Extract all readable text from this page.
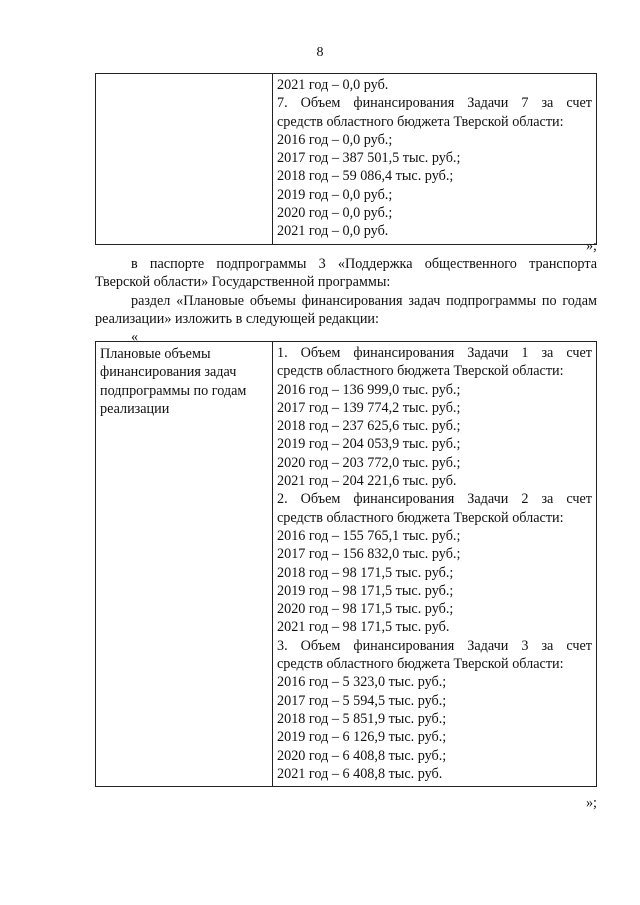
8

2021 год – 0,0 руб.
7. Объем финансирования Задачи 7 за счет
средств областного бюджета Тверской области:
2016 год – 0,0 руб.;
2017 год – 387 501,5 тыс. руб.;
2018 год – 59 086,4 тыс. руб.;
2019 год – 0,0 руб.;
2020 год – 0,0 руб.;
2021 год – 0,0 руб.
»;
в паспорте подпрограммы 3 «Поддержка общественного транспорта Тверской области» Государственной программы:
раздел «Плановые объемы финансирования задач подпрограммы по годам реализации» изложить в следующей редакции:
«
Плановые объемы финансирования задач подпрограммы по годам реализации

1. Объем финансирования Задачи 1 за счет
средств областного бюджета Тверской области:
2016 год – 136 999,0 тыс. руб.;
2017 год – 139 774,2 тыс. руб.;
2018 год – 237 625,6 тыс. руб.;
2019 год – 204 053,9 тыс. руб.;
2020 год – 203 772,0 тыс. руб.;
2021 год – 204 221,6 тыс. руб.
2. Объем финансирования Задачи 2 за счет
средств областного бюджета Тверской области:
2016 год – 155 765,1 тыс. руб.;
2017 год – 156 832,0 тыс. руб.;
2018 год – 98 171,5 тыс. руб.;
2019 год – 98 171,5 тыс. руб.;
2020 год – 98 171,5 тыс. руб.;
2021 год – 98 171,5 тыс. руб.
3. Объем финансирования Задачи 3 за счет
средств областного бюджета Тверской области:
2016 год – 5 323,0 тыс. руб.;
2017 год – 5 594,5 тыс. руб.;
2018 год – 5 851,9 тыс. руб.;
2019 год – 6 126,9 тыс. руб.;
2020 год – 6 408,8 тыс. руб.;
2021 год – 6 408,8 тыс. руб.
»;
